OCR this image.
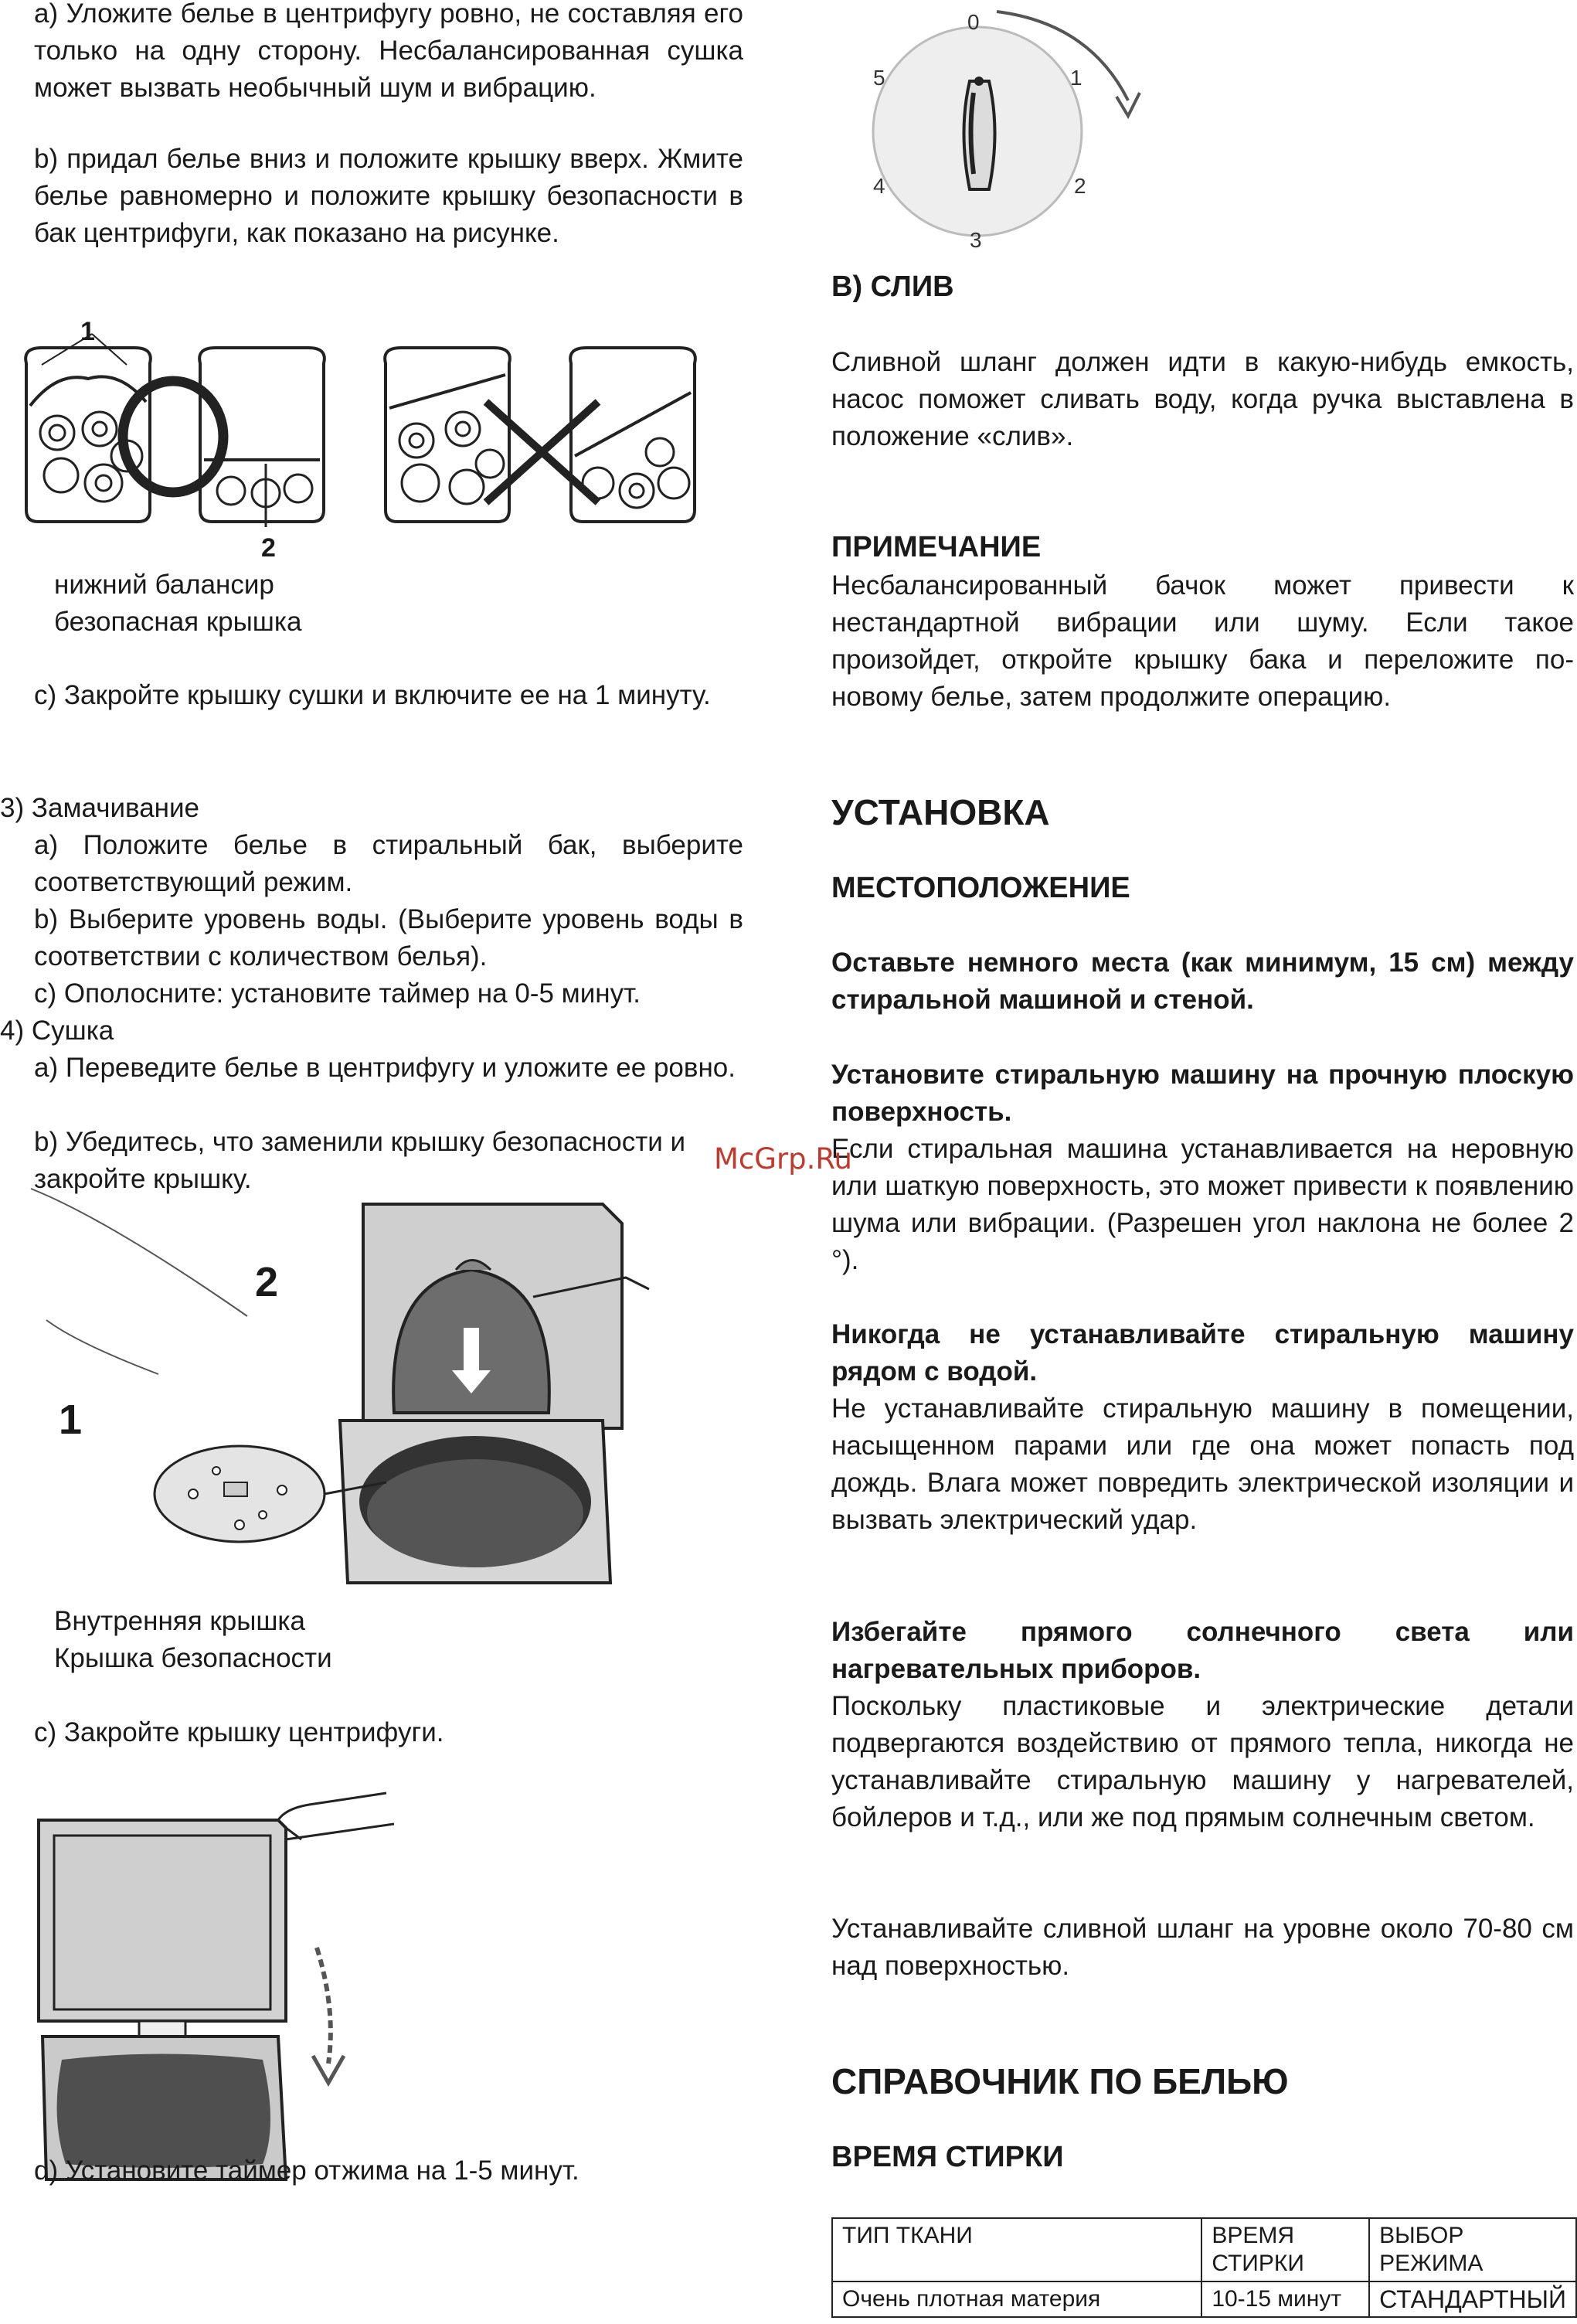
a) Уложите белье в центрифугу ровно, не составляя его только на одну сторону. Несбалансированная сушка может вызвать необычный шум и вибрацию.
b) придал белье вниз и положите крышку вверх. Жмите белье равномерно и положите крышку безопасности в бак центрифуги, как показано на рисунке.
1
2
нижний балансир
безопасная крышка
c) Закройте крышку сушки и включите ее на 1 минуту.
3) Замачивание
a) Положите белье в стиральный бак, выберите соответствующий режим.
b) Выберите уровень воды. (Выберите уровень воды в соответствии с количеством белья).
c) Ополосните: установите таймер на 0-5 минут.
4) Сушка
a) Переведите белье в центрифугу и уложите ее ровно.
b) Убедитесь, что заменили крышку безопасности и закройте крышку.
2
1
Внутренняя крышка
Крышка безопасности
c) Закройте крышку центрифуги.
d) Установите таймер отжима на 1-5 минут.
0
1
2
3
4
5
В) СЛИВ
Сливной шланг должен идти в какую-нибудь емкость, насос поможет сливать воду, когда ручка выставлена в положение «слив».
ПРИМЕЧАНИЕ
Несбалансированный бачок может привести к нестандартной вибрации или шуму. Если такое произойдет, откройте крышку бака и переложите по-новому белье, затем продолжите операцию.
УСТАНОВКА
МЕСТОПОЛОЖЕНИЕ
Оставьте немного места (как минимум, 15 см) между стиральной машиной и стеной.
Установите стиральную машину на прочную плоскую поверхность.
Если стиральная машина устанавливается на неровную или шаткую поверхность, это может привести к появлению шума или вибрации. (Разрешен угол наклона не более 2 °).
Никогда не устанавливайте стиральную машину рядом с водой.
Не устанавливайте стиральную машину в помещении, насыщенном парами или где она может попасть под дождь. Влага может повредить электрической изоляции и вызвать электрический удар.
Избегайте прямого солнечного света или нагревательных приборов.
Поскольку пластиковые и электрические детали подвергаются воздействию от прямого тепла, никогда не устанавливайте стиральную машину у нагревателей, бойлеров и т.д., или же под прямым солнечным светом.
Устанавливайте сливной шланг на уровне около 70-80 см над поверхностью.
СПРАВОЧНИК ПО БЕЛЬЮ
ВРЕМЯ СТИРКИ
ТИП ТКАНИ	ВРЕМЯ СТИРКИ	ВЫБОР РЕЖИМА
Очень плотная материя	10-15 минут	СТАНДАРТНЫЙ
McGrp.Ru
